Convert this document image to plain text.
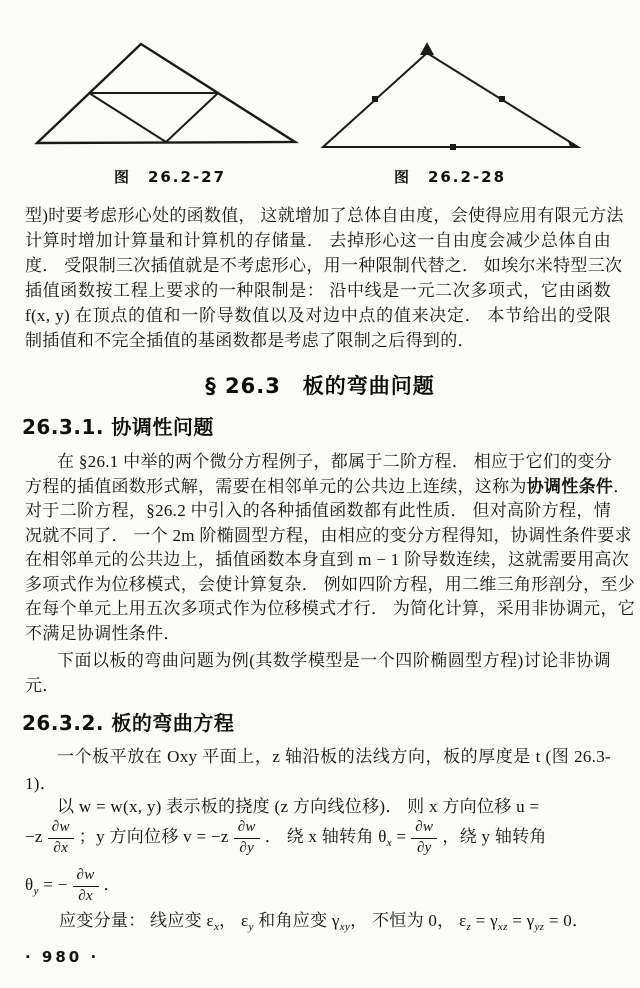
图　26.2-27	图　26.2-28
型)时要考虑形心处的函数值， 这就增加了总体自由度，会使得应用有限元方法
计算时增加计算量和计算机的存储量． 去掉形心这一自由度会减少总体自由
度． 受限制三次插值就是不考虑形心，用一种限制代替之． 如埃尔米特型三次
插值函数按工程上要求的一种限制是： 沿中线是一元二次多项式，它由函数
f(x, y) 在顶点的值和一阶导数值以及对边中点的值来决定． 本节给出的受限
制插值和不完全插值的基函数都是考虑了限制之后得到的．
§ 26.3　板的弯曲问题
26.3.1. 协调性问题
在 §26.1 中举的两个微分方程例子，都属于二阶方程． 相应于它们的变分
方程的插值函数形式解，需要在相邻单元的公共边上连续，这称为协调性条件．
对于二阶方程，§26.2 中引入的各种插值函数都有此性质． 但对高阶方程，情
况就不同了． 一个 2m 阶椭圆型方程，由相应的变分方程得知，协调性条件要求
在相邻单元的公共边上，插值函数本身直到 m − 1 阶导数连续，这就需要用高次
多项式作为位移模式，会使计算复杂． 例如四阶方程，用二维三角形剖分，至少
在每个单元上用五次多项式作为位移模式才行． 为简化计算，采用非协调元，它
不满足协调性条件．
下面以板的弯曲问题为例(其数学模型是一个四阶椭圆型方程)讨论非协调
元．
26.3.2. 板的弯曲方程
一个板平放在 Oxy 平面上，z 轴沿板的法线方向，板的厚度是 t (图 26.3-
1)．
以 w = w(x, y) 表示板的挠度 (z 方向线位移)． 则 x 方向位移 u =
$-z \frac{\partial w}{\partial x}$ ；y 方向位移 $v = -z \frac{\partial w}{\partial y}$ ． 绕 x 轴转角 $\theta_x = \frac{\partial w}{\partial y}$ ，绕 y 轴转角
$\theta_y$ = − $\frac{\partial w}{\partial x}$ ．
应变分量： 线应变 $\varepsilon_x$， $\varepsilon_y$ 和角应变 $\gamma_{xy}$， 不恒为 0， $\varepsilon_z = \gamma_{xz} = \gamma_{yz} = 0$．
· 980 ·
